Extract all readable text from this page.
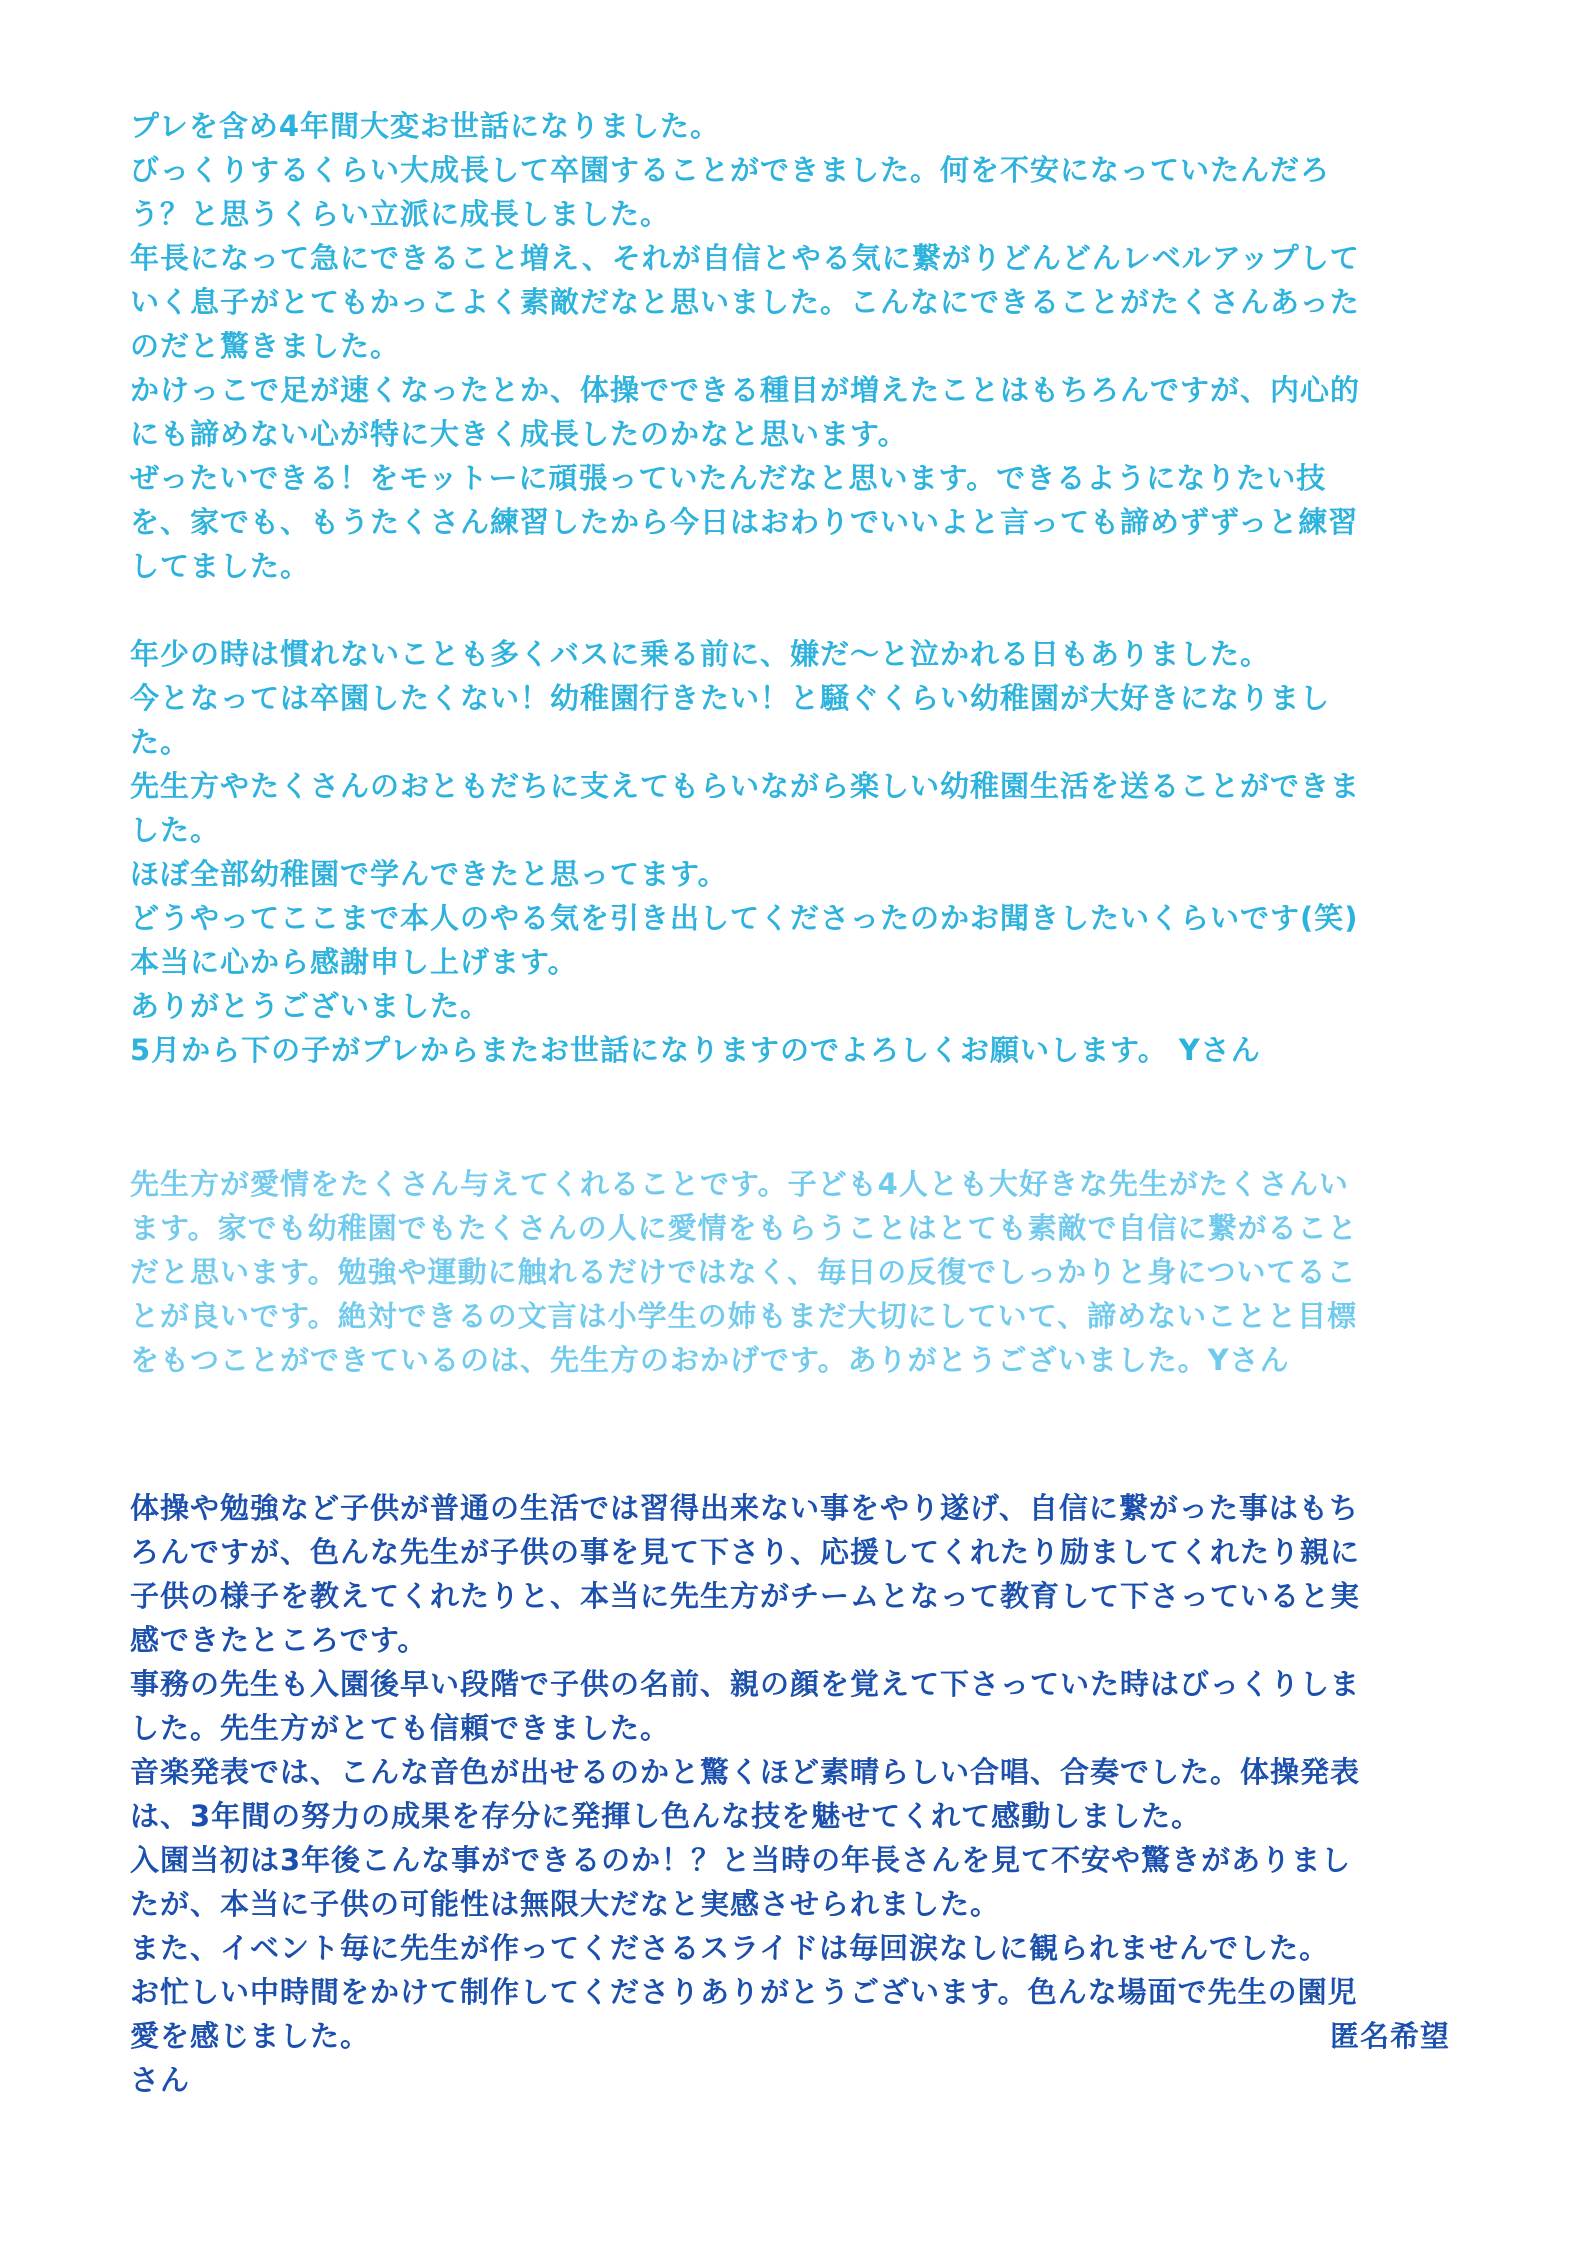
プレを含め4年間大変お世話になりました。
びっくりするくらい大成長して卒園することができました。何を不安になっていたんだろ
う？と思うくらい立派に成長しました。
年長になって急にできること増え、それが自信とやる気に繋がりどんどんレベルアップして
いく息子がとてもかっこよく素敵だなと思いました。こんなにできることがたくさんあった
のだと驚きました。
かけっこで足が速くなったとか、体操でできる種目が増えたことはもちろんですが、内心的
にも諦めない心が特に大きく成長したのかなと思います。
ぜったいできる！をモットーに頑張っていたんだなと思います。できるようになりたい技
を、家でも、もうたくさん練習したから今日はおわりでいいよと言っても諦めずずっと練習
してました。
年少の時は慣れないことも多くバスに乗る前に、嫌だ〜と泣かれる日もありました。
今となっては卒園したくない！幼稚園行きたい！と騒ぐくらい幼稚園が大好きになりまし
た。
先生方やたくさんのおともだちに支えてもらいながら楽しい幼稚園生活を送ることができま
した。
ほぼ全部幼稚園で学んできたと思ってます。
どうやってここまで本人のやる気を引き出してくださったのかお聞きしたいくらいです(笑)
本当に心から感謝申し上げます。
ありがとうございました。
5月から下の子がプレからまたお世話になりますのでよろしくお願いします。 Yさん
先生方が愛情をたくさん与えてくれることです。子ども4人とも大好きな先生がたくさんい
ます。家でも幼稚園でもたくさんの人に愛情をもらうことはとても素敵で自信に繋がること
だと思います。勉強や運動に触れるだけではなく、毎日の反復でしっかりと身についてるこ
とが良いです。絶対できるの文言は小学生の姉もまだ大切にしていて、諦めないことと目標
をもつことができているのは、先生方のおかげです。ありがとうございました。Yさん
体操や勉強など子供が普通の生活では習得出来ない事をやり遂げ、自信に繋がった事はもち
ろんですが、色んな先生が子供の事を見て下さり、応援してくれたり励ましてくれたり親に
子供の様子を教えてくれたりと、本当に先生方がチームとなって教育して下さっていると実
感できたところです。
事務の先生も入園後早い段階で子供の名前、親の顔を覚えて下さっていた時はびっくりしま
した。先生方がとても信頼できました。
音楽発表では、こんな音色が出せるのかと驚くほど素晴らしい合唱、合奏でした。体操発表
は、3年間の努力の成果を存分に発揮し色んな技を魅せてくれて感動しました。
入園当初は3年後こんな事ができるのか！？と当時の年長さんを見て不安や驚きがありまし
たが、本当に子供の可能性は無限大だなと実感させられました。
また、イベント毎に先生が作ってくださるスライドは毎回涙なしに観られませんでした。
お忙しい中時間をかけて制作してくださりありがとうございます。色んな場面で先生の園児
愛を感じました。	匿名希望
さん
